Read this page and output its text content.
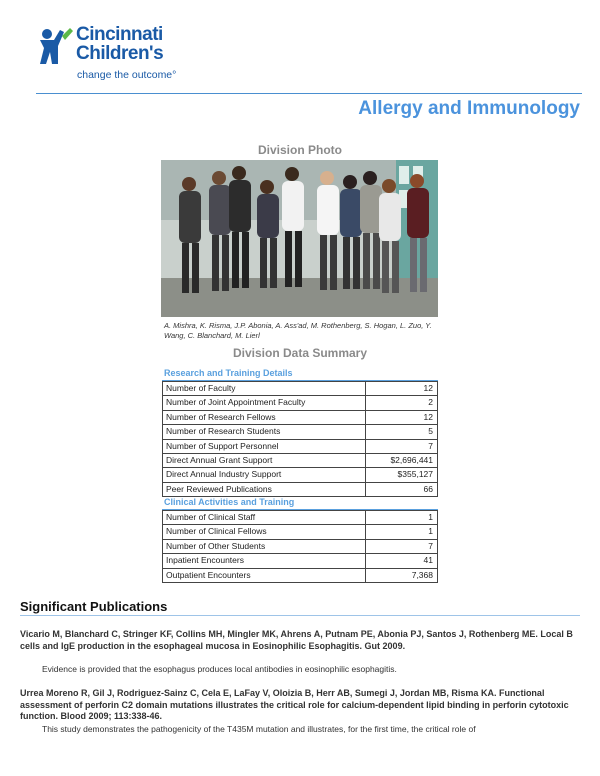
Cincinnati
Children's
change the outcome°
Allergy and Immunology
Division Photo
A. Mishra, K. Risma, J.P. Abonia, A. Ass'ad, M. Rothenberg, S. Hogan, L. Zuo, Y. Wang, C. Blanchard, M. Lierl
Division Data Summary
Research and Training Details
Number of Faculty	12
Number of Joint Appointment Faculty	2
Number of Research Fellows	12
Number of Research Students	5
Number of Support Personnel	7
Direct Annual Grant Support	$2,696,441
Direct Annual Industry Support	$355,127
Peer Reviewed Publications	66
Clinical Activities and Training
Number of Clinical Staff	1
Number of Clinical Fellows	1
Number of Other Students	7
Inpatient Encounters	41
Outpatient Encounters	7,368
Significant Publications
Vicario M, Blanchard C, Stringer KF, Collins MH, Mingler MK, Ahrens A, Putnam PE, Abonia PJ, Santos J, Rothenberg ME. Local B cells and IgE production in the esophageal mucosa in Eosinophilic Esophagitis. Gut 2009.
Evidence is provided that the esophagus produces local antibodies in eosinophilic esophagitis.
Urrea Moreno R, Gil J, Rodriguez-Sainz C, Cela E, LaFay V, Oloizia B, Herr AB, Sumegi J, Jordan MB, Risma KA. Functional assessment of perforin C2 domain mutations illustrates the critical role for calcium-dependent lipid binding in perforin cytotoxic function. Blood 2009; 113:338-46.
This study demonstrates the pathogenicity of the T435M mutation and illustrates, for the first time, the critical role of
